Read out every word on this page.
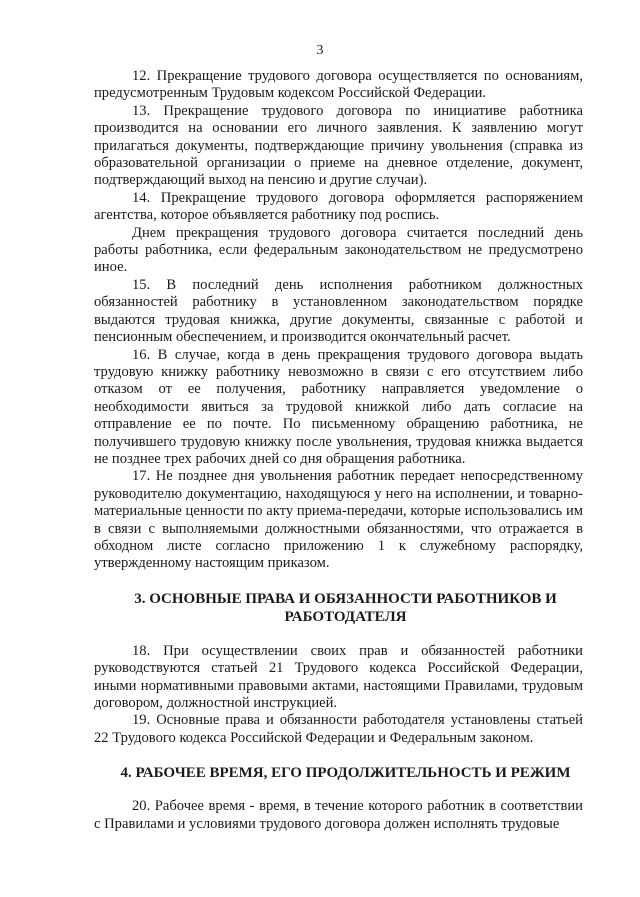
3

12. Прекращение трудового договора осуществляется по основаниям, предусмотренным Трудовым кодексом Российской Федерации.

13. Прекращение трудового договора по инициативе работника производится на основании его личного заявления. К заявлению могут прилагаться документы, подтверждающие причину увольнения (справка из образовательной организации о приеме на дневное отделение, документ, подтверждающий выход на пенсию и другие случаи).

14. Прекращение трудового договора оформляется распоряжением агентства, которое объявляется работнику под роспись.

Днем прекращения трудового договора считается последний день работы работника, если федеральным законодательством не предусмотрено иное.

15. В последний день исполнения работником должностных обязанностей работнику в установленном законодательством порядке выдаются трудовая книжка, другие документы, связанные с работой и пенсионным обеспечением, и производится окончательный расчет.

16. В случае, когда в день прекращения трудового договора выдать трудовую книжку работнику невозможно в связи с его отсутствием либо отказом от ее получения, работнику направляется уведомление о необходимости явиться за трудовой книжкой либо дать согласие на отправление ее по почте. По письменному обращению работника, не получившего трудовую книжку после увольнения, трудовая книжка выдается не позднее трех рабочих дней со дня обращения работника.

17. Не позднее дня увольнения работник передает непосредственному руководителю документацию, находящуюся у него на исполнении, и товарно-материальные ценности по акту приема-передачи, которые использовались им в связи с выполняемыми должностными обязанностями, что отражается в обходном листе согласно приложению 1 к служебному распорядку, утвержденному настоящим приказом.

3. ОСНОВНЫЕ ПРАВА И ОБЯЗАННОСТИ РАБОТНИКОВ И
РАБОТОДАТЕЛЯ

18. При осуществлении своих прав и обязанностей работники руководствуются статьей 21 Трудового кодекса Российской Федерации, иными нормативными правовыми актами, настоящими Правилами, трудовым договором, должностной инструкцией.

19. Основные права и обязанности работодателя установлены статьей 22 Трудового кодекса Российской Федерации и Федеральным законом.

4. РАБОЧЕЕ ВРЕМЯ, ЕГО ПРОДОЛЖИТЕЛЬНОСТЬ И РЕЖИМ

20. Рабочее время - время, в течение которого работник в соответствии с Правилами и условиями трудового договора должен исполнять трудовые
